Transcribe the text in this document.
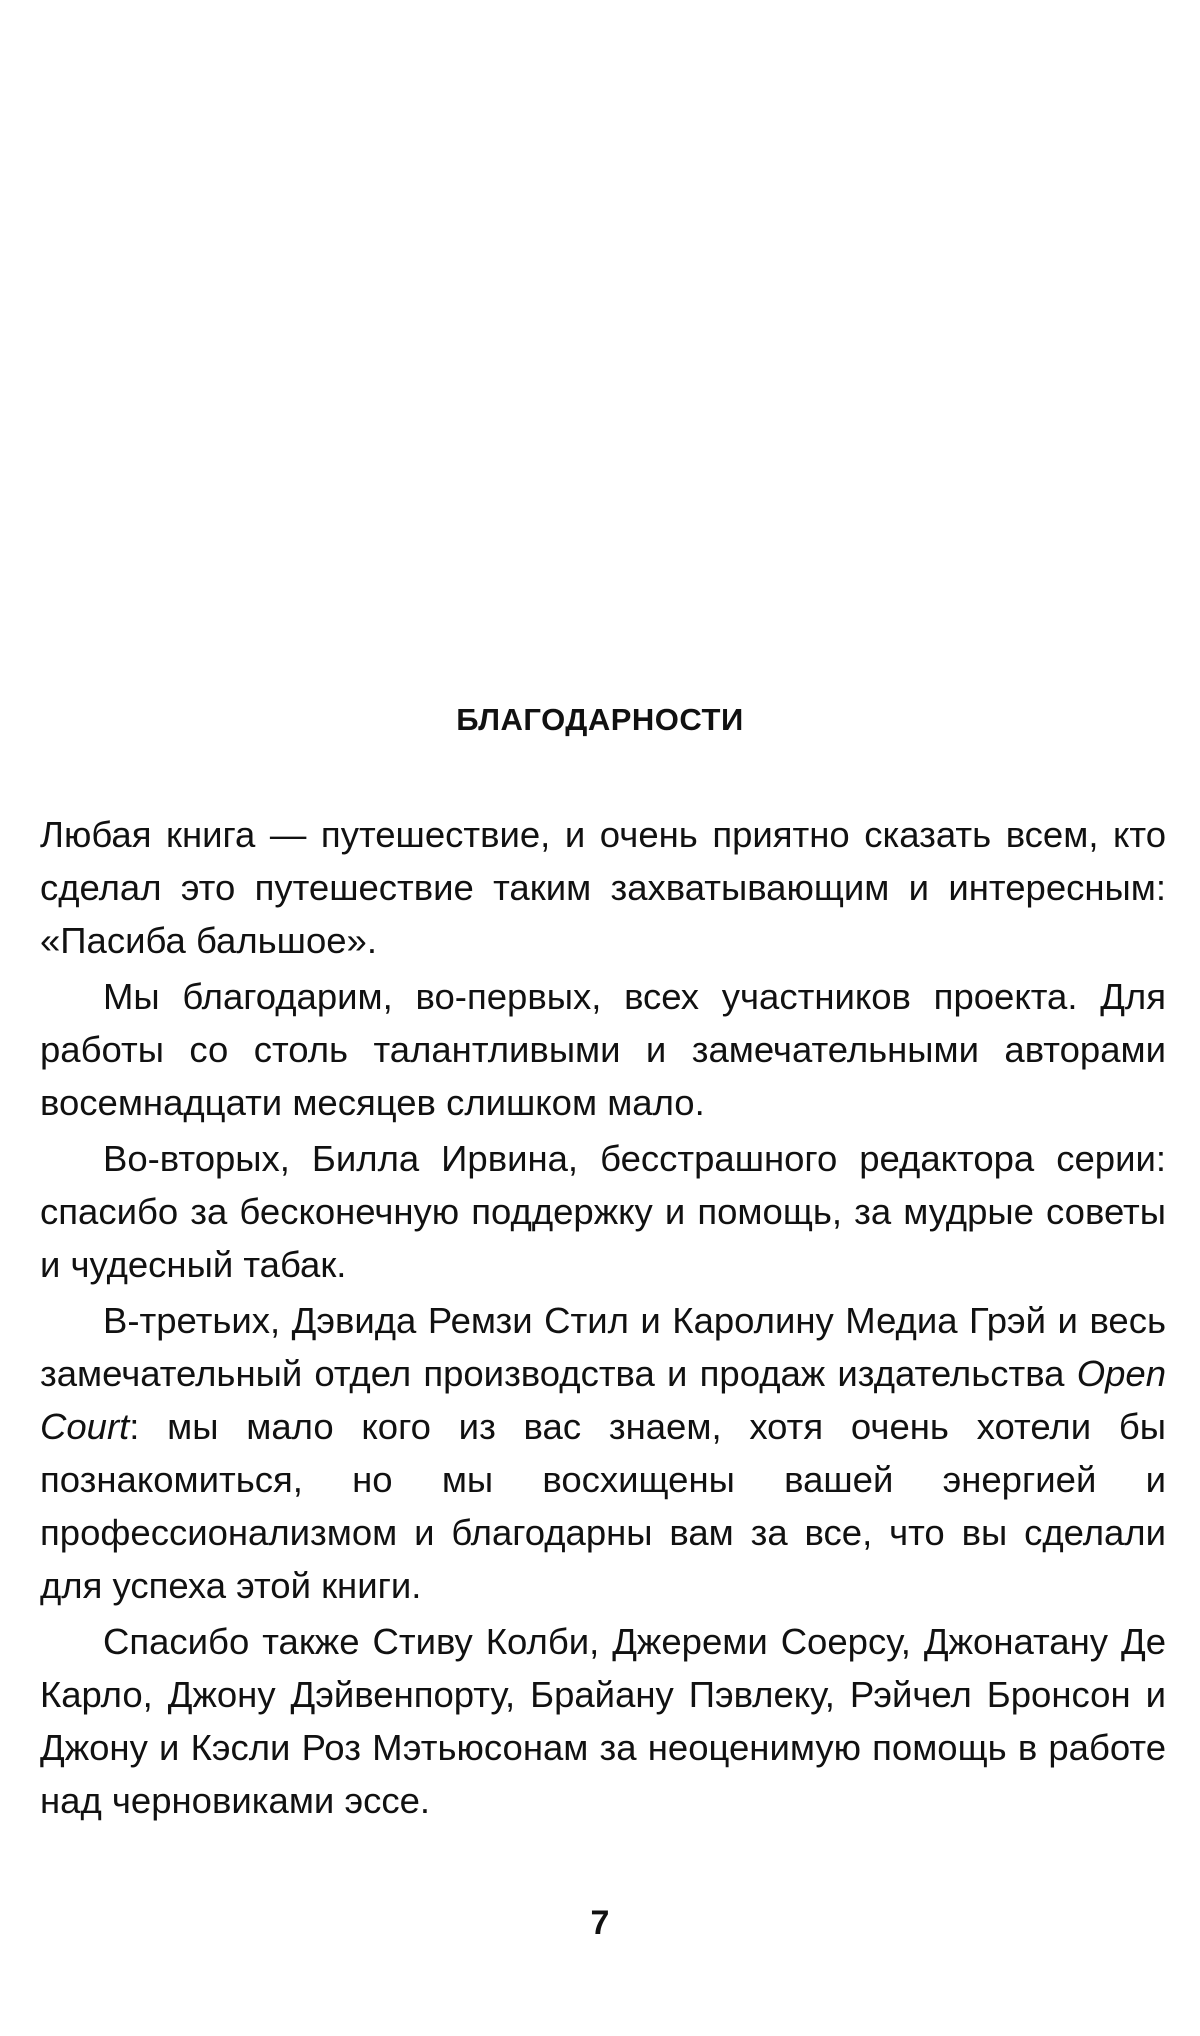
БЛАГОДАРНОСТИ

Любая книга — путешествие, и очень приятно сказать всем, кто сделал это путешествие таким захватывающим и интересным: «Пасиба бальшое».

Мы благодарим, во-первых, всех участников проекта. Для работы со столь талантливыми и замечательными авторами восемнадцати месяцев слишком мало.

Во-вторых, Билла Ирвина, бесстрашного редактора серии: спасибо за бесконечную поддержку и помощь, за мудрые советы и чудесный табак.

В-третьих, Дэвида Ремзи Стил и Каролину Медиа Грэй и весь замечательный отдел производства и продаж издательства Open Court: мы мало кого из вас знаем, хотя очень хотели бы познакомиться, но мы восхищены вашей энергией и профессионализмом и благодарны вам за все, что вы сделали для успеха этой книги.

Спасибо также Стиву Колби, Джереми Соерсу, Джонатану Де Карло, Джону Дэйвенпорту, Брайану Пэвлеку, Рэйчел Бронсон и Джону и Кэсли Роз Мэтьюсонам за неоценимую помощь в работе над черновиками эссе.

7
